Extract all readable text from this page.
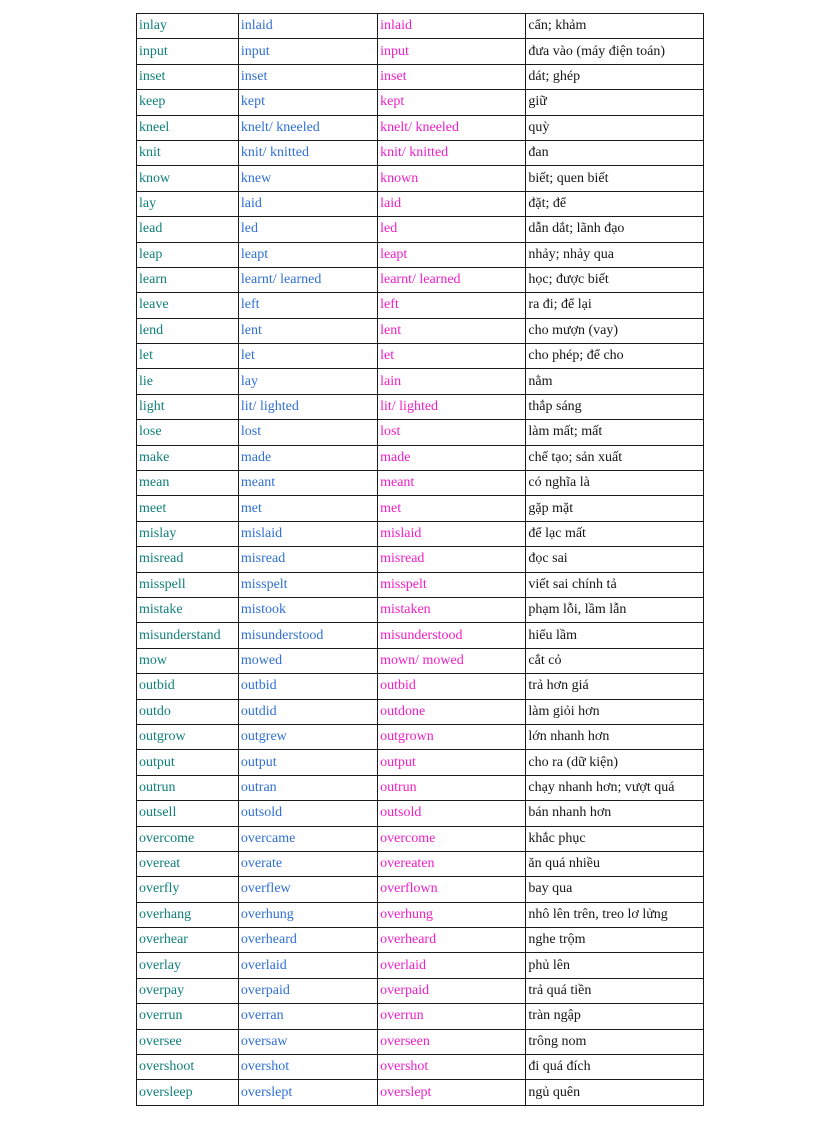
inlay	inlaid	inlaid	cẩn; khảm
input	input	input	đưa vào (máy điện toán)
inset	inset	inset	dát; ghép
keep	kept	kept	giữ
kneel	knelt/ kneeled	knelt/ kneeled	quỳ
knit	knit/ knitted	knit/ knitted	đan
know	knew	known	biết; quen biết
lay	laid	laid	đặt; để
lead	led	led	dẫn dắt; lãnh đạo
leap	leapt	leapt	nhảy; nhảy qua
learn	learnt/ learned	learnt/ learned	học; được biết
leave	left	left	ra đi; để lại
lend	lent	lent	cho mượn (vay)
let	let	let	cho phép; để cho
lie	lay	lain	nằm
light	lit/ lighted	lit/ lighted	thắp sáng
lose	lost	lost	làm mất; mất
make	made	made	chế tạo; sản xuất
mean	meant	meant	có nghĩa là
meet	met	met	gặp mặt
mislay	mislaid	mislaid	để lạc mất
misread	misread	misread	đọc sai
misspell	misspelt	misspelt	viết sai chính tả
mistake	mistook	mistaken	phạm lỗi, lầm lẫn
misunderstand	misunderstood	misunderstood	hiểu lầm
mow	mowed	mown/ mowed	cắt cỏ
outbid	outbid	outbid	trả hơn giá
outdo	outdid	outdone	làm giỏi hơn
outgrow	outgrew	outgrown	lớn nhanh hơn
output	output	output	cho ra (dữ kiện)
outrun	outran	outrun	chạy nhanh hơn; vượt quá
outsell	outsold	outsold	bán nhanh hơn
overcome	overcame	overcome	khắc phục
overeat	overate	overeaten	ăn quá nhiều
overfly	overflew	overflown	bay qua
overhang	overhung	overhung	nhô lên trên, treo lơ lửng
overhear	overheard	overheard	nghe trộm
overlay	overlaid	overlaid	phủ lên
overpay	overpaid	overpaid	trả quá tiền
overrun	overran	overrun	tràn ngập
oversee	oversaw	overseen	trông nom
overshoot	overshot	overshot	đi quá đích
oversleep	overslept	overslept	ngủ quên
